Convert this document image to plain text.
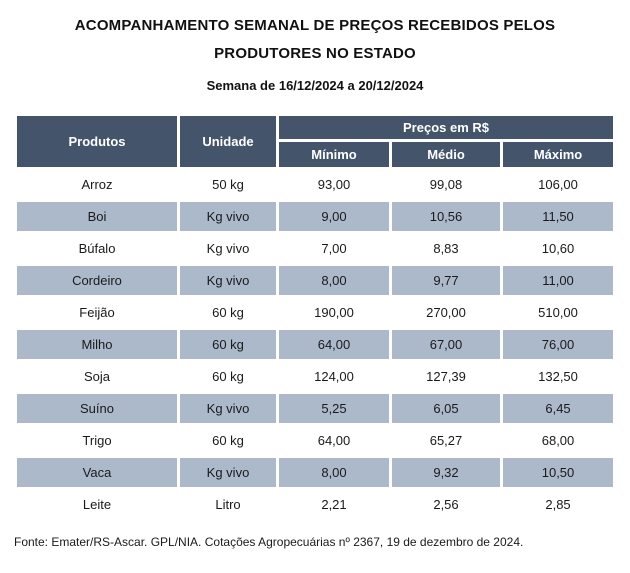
ACOMPANHAMENTO SEMANAL DE PREÇOS RECEBIDOS PELOS
PRODUTORES NO ESTADO
Semana de 16/12/2024 a 20/12/2024
Produtos	Unidade	Preços em R$		
		Mínimo	Médio	Máximo
Arroz	50 kg	93,00	99,08	106,00
Boi	Kg vivo	9,00	10,56	11,50
Búfalo	Kg vivo	7,00	8,83	10,60
Cordeiro	Kg vivo	8,00	9,77	11,00
Feijão	60 kg	190,00	270,00	510,00
Milho	60 kg	64,00	67,00	76,00
Soja	60 kg	124,00	127,39	132,50
Suíno	Kg vivo	5,25	6,05	6,45
Trigo	60 kg	64,00	65,27	68,00
Vaca	Kg vivo	8,00	9,32	10,50
Leite	Litro	2,21	2,56	2,85
Fonte: Emater/RS-Ascar. GPL/NIA. Cotações Agropecuárias nº 2367, 19 de dezembro de 2024.
